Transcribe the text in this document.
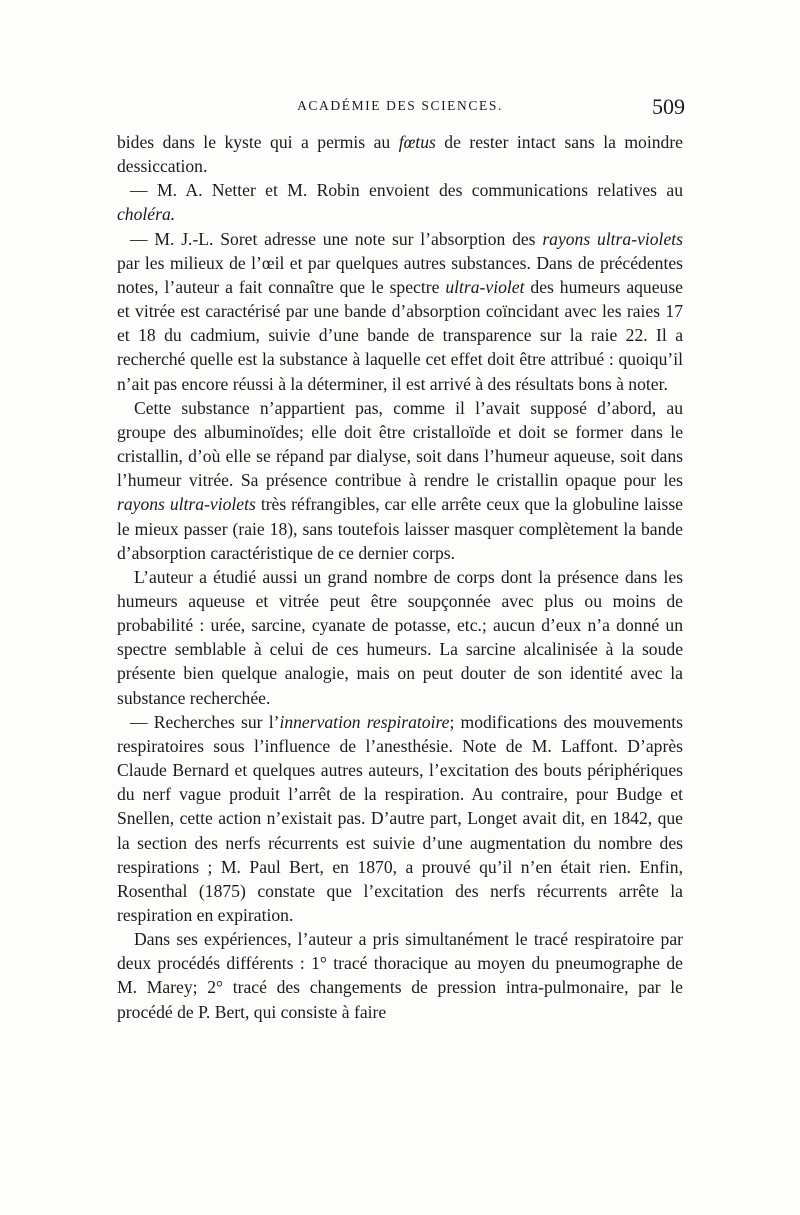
ACADÉMIE DES SCIENCES.	509

bides dans le kyste qui a permis au fœtus de rester intact sans la moindre dessiccation.

— M. A. Netter et M. Robin envoient des communications relatives au choléra.

— M. J.-L. Soret adresse une note sur l’absorption des rayons ultra-violets par les milieux de l’œil et par quelques autres substances. Dans de précédentes notes, l’auteur a fait connaître que le spectre ultra-violet des humeurs aqueuse et vitrée est caractérisé par une bande d’absorption coïncidant avec les raies 17 et 18 du cadmium, suivie d’une bande de transparence sur la raie 22. Il a recherché quelle est la substance à laquelle cet effet doit être attribué : quoiqu’il n’ait pas encore réussi à la déterminer, il est arrivé à des résultats bons à noter.

Cette substance n’appartient pas, comme il l’avait supposé d’abord, au groupe des albuminoïdes; elle doit être cristalloïde et doit se former dans le cristallin, d’où elle se répand par dialyse, soit dans l’humeur aqueuse, soit dans l’humeur vitrée. Sa présence contribue à rendre le cristallin opaque pour les rayons ultra-violets très réfrangibles, car elle arrête ceux que la globuline laisse le mieux passer (raie 18), sans toutefois laisser masquer complètement la bande d’absorption caractéristique de ce dernier corps.

L’auteur a étudié aussi un grand nombre de corps dont la présence dans les humeurs aqueuse et vitrée peut être soupçonnée avec plus ou moins de probabilité : urée, sarcine, cyanate de potasse, etc.; aucun d’eux n’a donné un spectre semblable à celui de ces humeurs. La sarcine alcalinisée à la soude présente bien quelque analogie, mais on peut douter de son identité avec la substance recherchée.

— Recherches sur l’innervation respiratoire; modifications des mouvements respiratoires sous l’influence de l’anesthésie. Note de M. Laffont. D’après Claude Bernard et quelques autres auteurs, l’excitation des bouts périphériques du nerf vague produit l’arrêt de la respiration. Au contraire, pour Budge et Snellen, cette action n’existait pas. D’autre part, Longet avait dit, en 1842, que la section des nerfs récurrents est suivie d’une augmentation du nombre des respirations ; M. Paul Bert, en 1870, a prouvé qu’il n’en était rien. Enfin, Rosenthal (1875) constate que l’excitation des nerfs récurrents arrête la respiration en expiration.

Dans ses expériences, l’auteur a pris simultanément le tracé respiratoire par deux procédés différents : 1° tracé thoracique au moyen du pneumographe de M. Marey; 2° tracé des changements de pression intra-pulmonaire, par le procédé de P. Bert, qui consiste à faire
